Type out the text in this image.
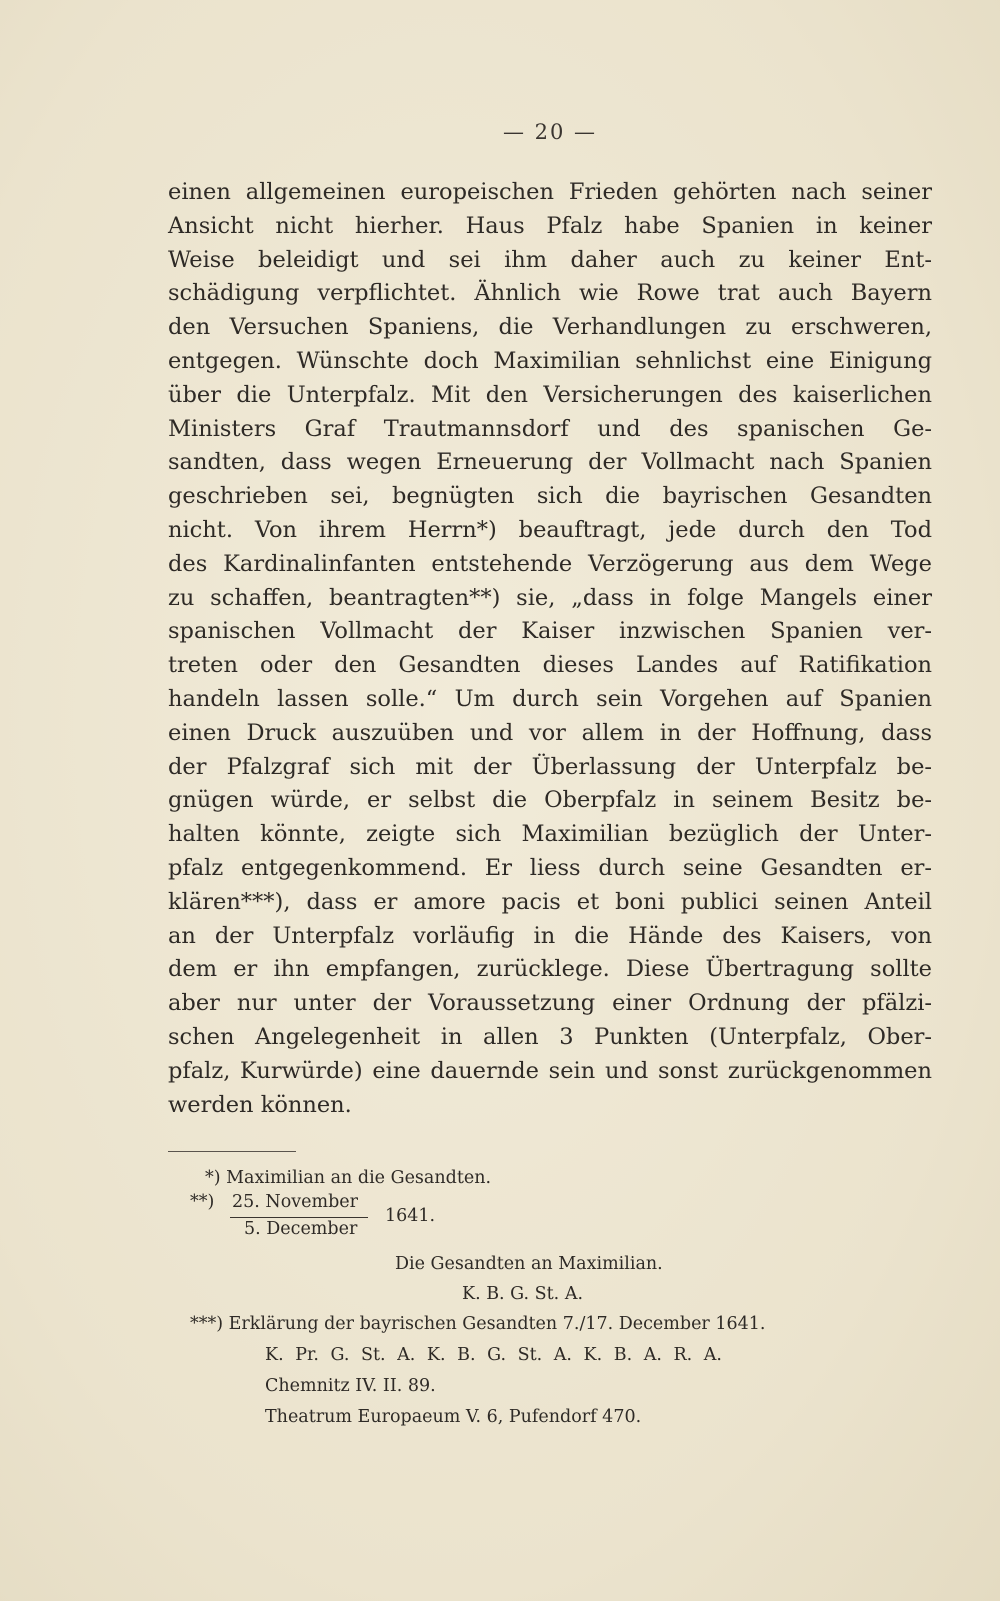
— 20 —
einen allgemeinen europeischen Frieden gehörten nach seiner
Ansicht nicht hierher. Haus Pfalz habe Spanien in keiner
Weise beleidigt und sei ihm daher auch zu keiner Ent-
schädigung verpflichtet. Ähnlich wie Rowe trat auch Bayern
den Versuchen Spaniens, die Verhandlungen zu erschweren,
entgegen. Wünschte doch Maximilian sehnlichst eine Einigung
über die Unterpfalz. Mit den Versicherungen des kaiserlichen
Ministers Graf Trautmannsdorf und des spanischen Ge-
sandten, dass wegen Erneuerung der Vollmacht nach Spanien
geschrieben sei, begnügten sich die bayrischen Gesandten
nicht. Von ihrem Herrn*) beauftragt, jede durch den Tod
des Kardinalinfanten entstehende Verzögerung aus dem Wege
zu schaffen, beantragten**) sie, „dass in folge Mangels einer
spanischen Vollmacht der Kaiser inzwischen Spanien ver-
treten oder den Gesandten dieses Landes auf Ratifikation
handeln lassen solle.“ Um durch sein Vorgehen auf Spanien
einen Druck auszuüben und vor allem in der Hoffnung, dass
der Pfalzgraf sich mit der Überlassung der Unterpfalz be-
gnügen würde, er selbst die Oberpfalz in seinem Besitz be-
halten könnte, zeigte sich Maximilian bezüglich der Unter-
pfalz entgegenkommend. Er liess durch seine Gesandten er-
klären***), dass er amore pacis et boni publici seinen Anteil
an der Unterpfalz vorläufig in die Hände des Kaisers, von
dem er ihn empfangen, zurücklege. Diese Übertragung sollte
aber nur unter der Voraussetzung einer Ordnung der pfälzi-
schen Angelegenheit in allen 3 Punkten (Unterpfalz, Ober-
pfalz, Kurwürde) eine dauernde sein und sonst zurückgenommen
werden können.
*) Maximilian an die Gesandten.
**) 25. November
5. December
1641.
Die Gesandten an Maximilian.
K. B. G. St. A.
***) Erklärung der bayrischen Gesandten 7./17. December 1641.
K. Pr. G. St. A. K. B. G. St. A. K. B. A. R. A.
Chemnitz IV. II. 89.
Theatrum Europaeum V. 6, Pufendorf 470.
